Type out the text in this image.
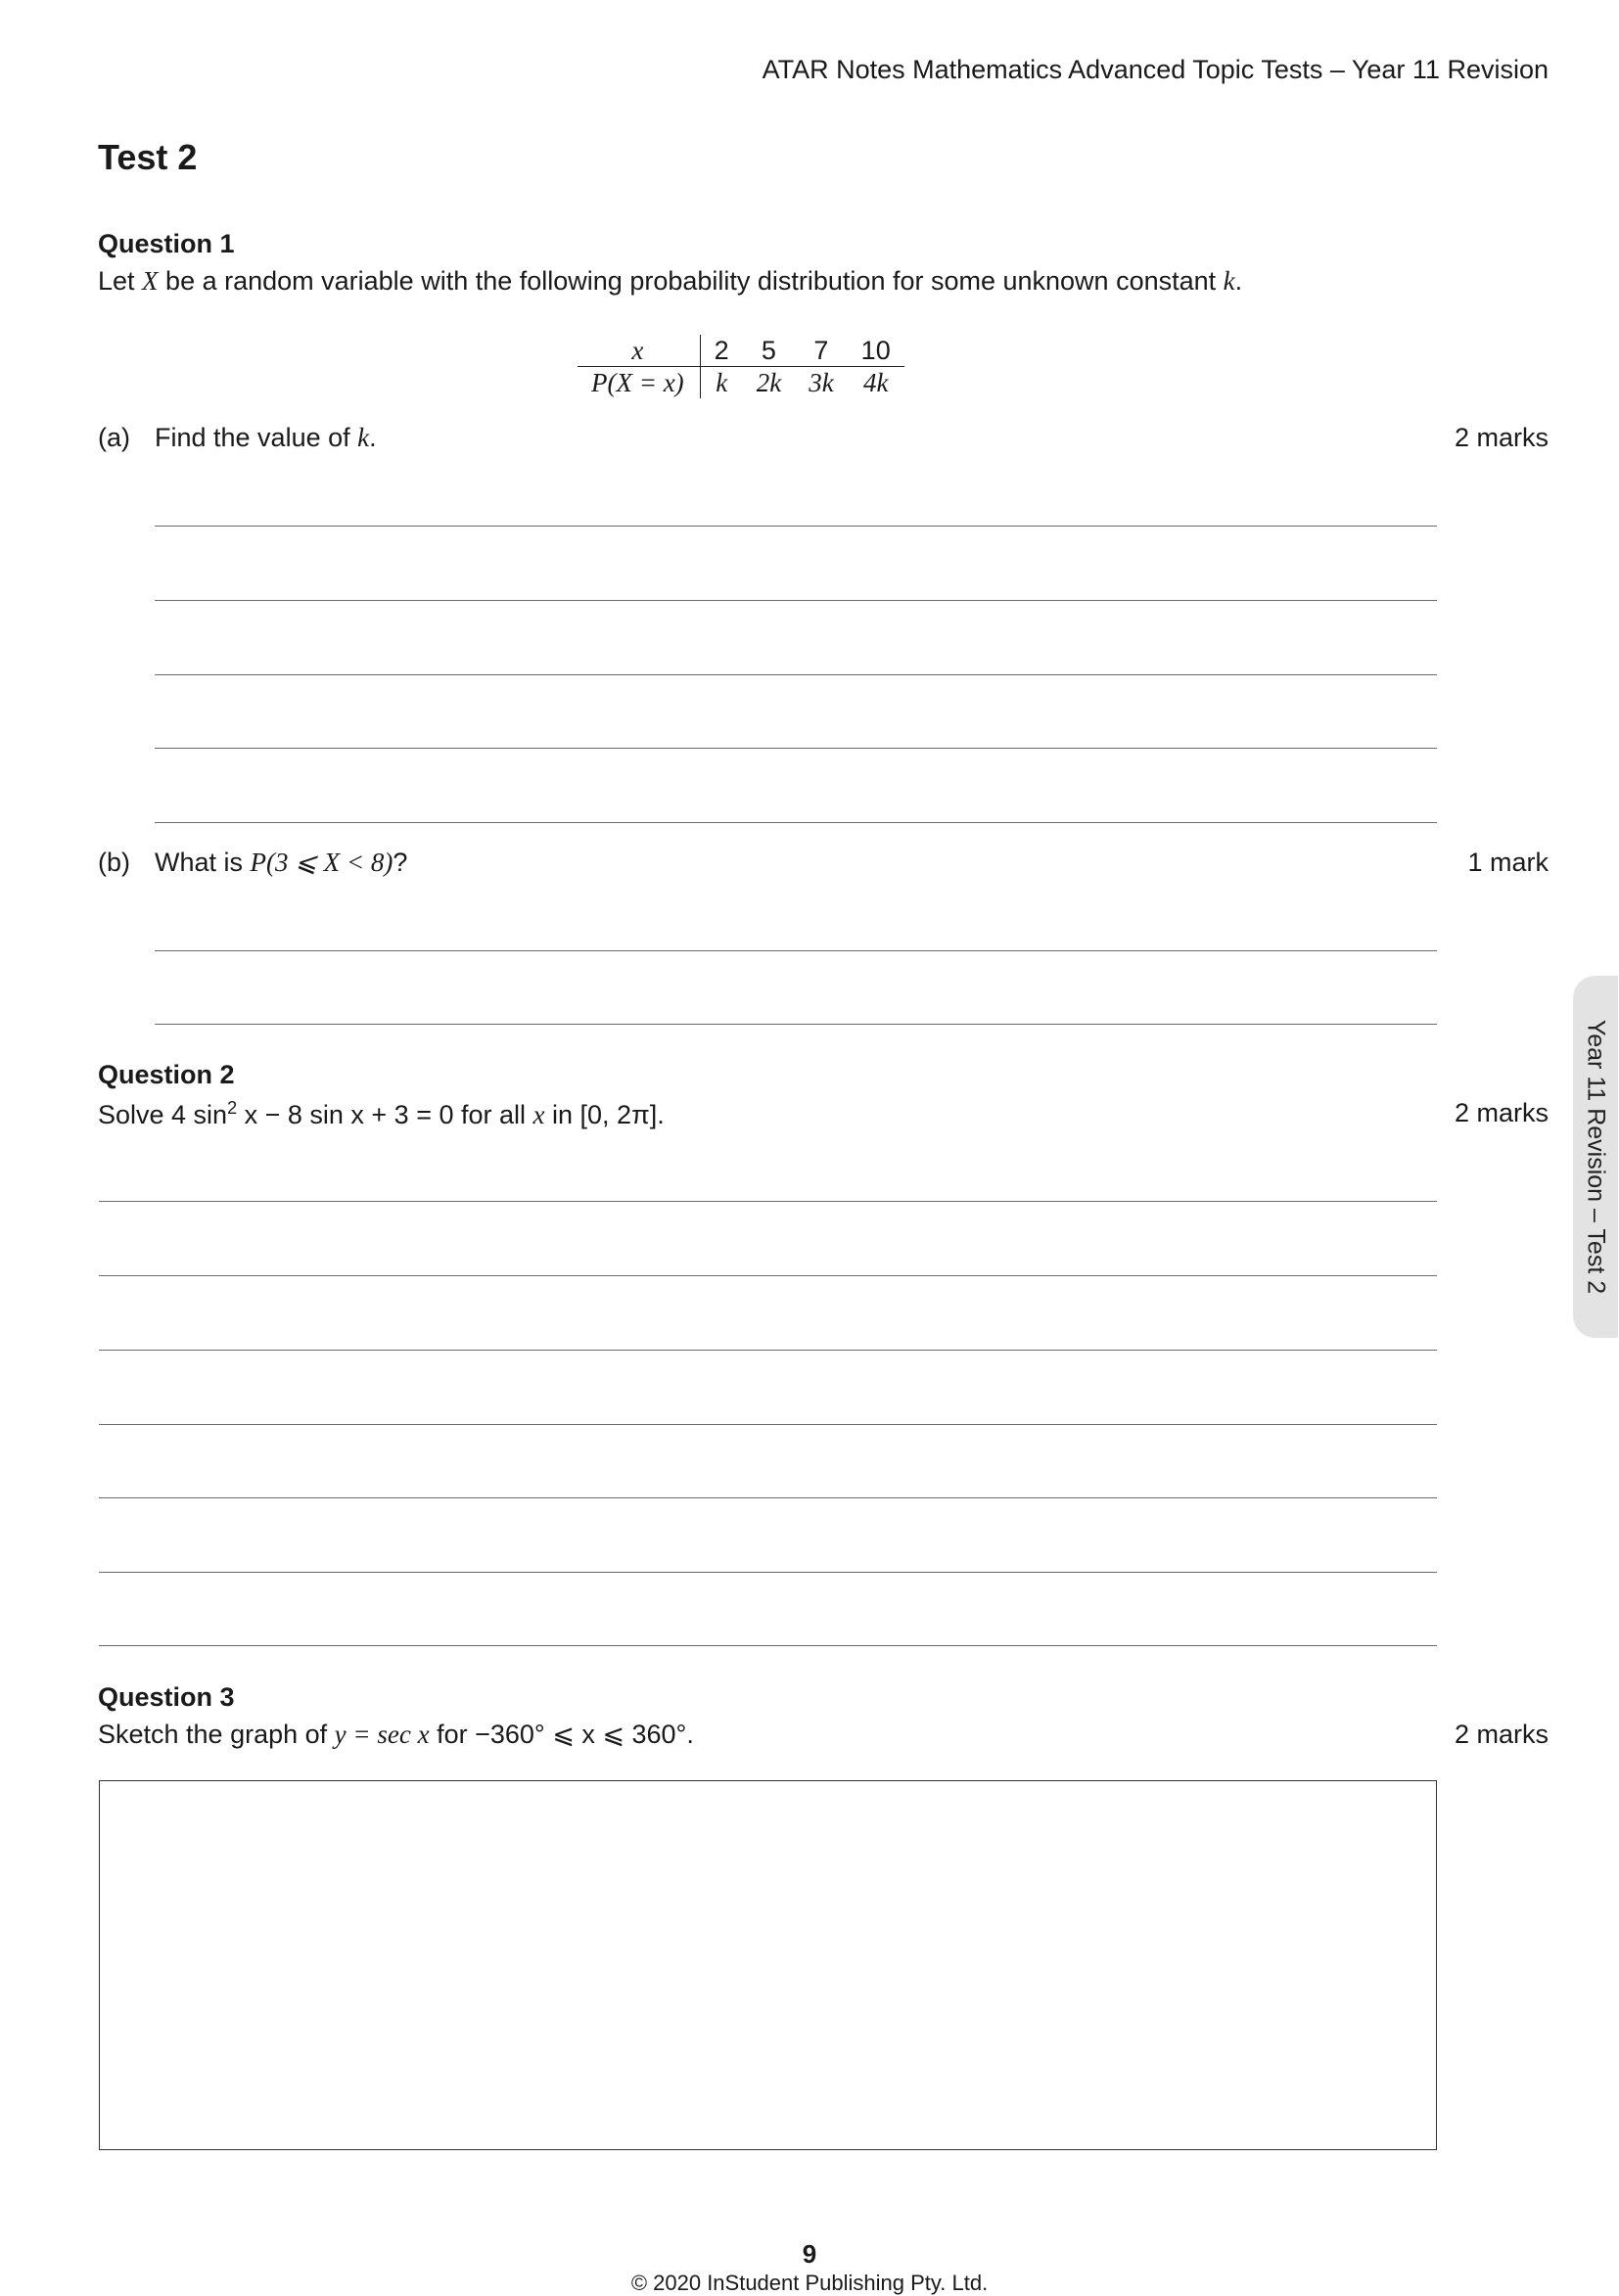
ATAR Notes Mathematics Advanced Topic Tests – Year 11 Revision
Test 2
Question 1
Let X be a random variable with the following probability distribution for some unknown constant k.
x	2	5	7	10
P(X = x)	k	2k	3k	4k
(a) Find the value of k.	2 marks
(b) What is P(3 ⩽ X < 8)?	1 mark
Question 2
Solve 4 $\sin^2 x - 8$ sin x + 3 = 0 for all x in [0, 2π].	2 marks
Question 3
Sketch the graph of y = sec x for −360° ⩽ x ⩽ 360°.	2 marks
Year 11 Revision – Test 2
9
© 2020 InStudent Publishing Pty. Ltd.
